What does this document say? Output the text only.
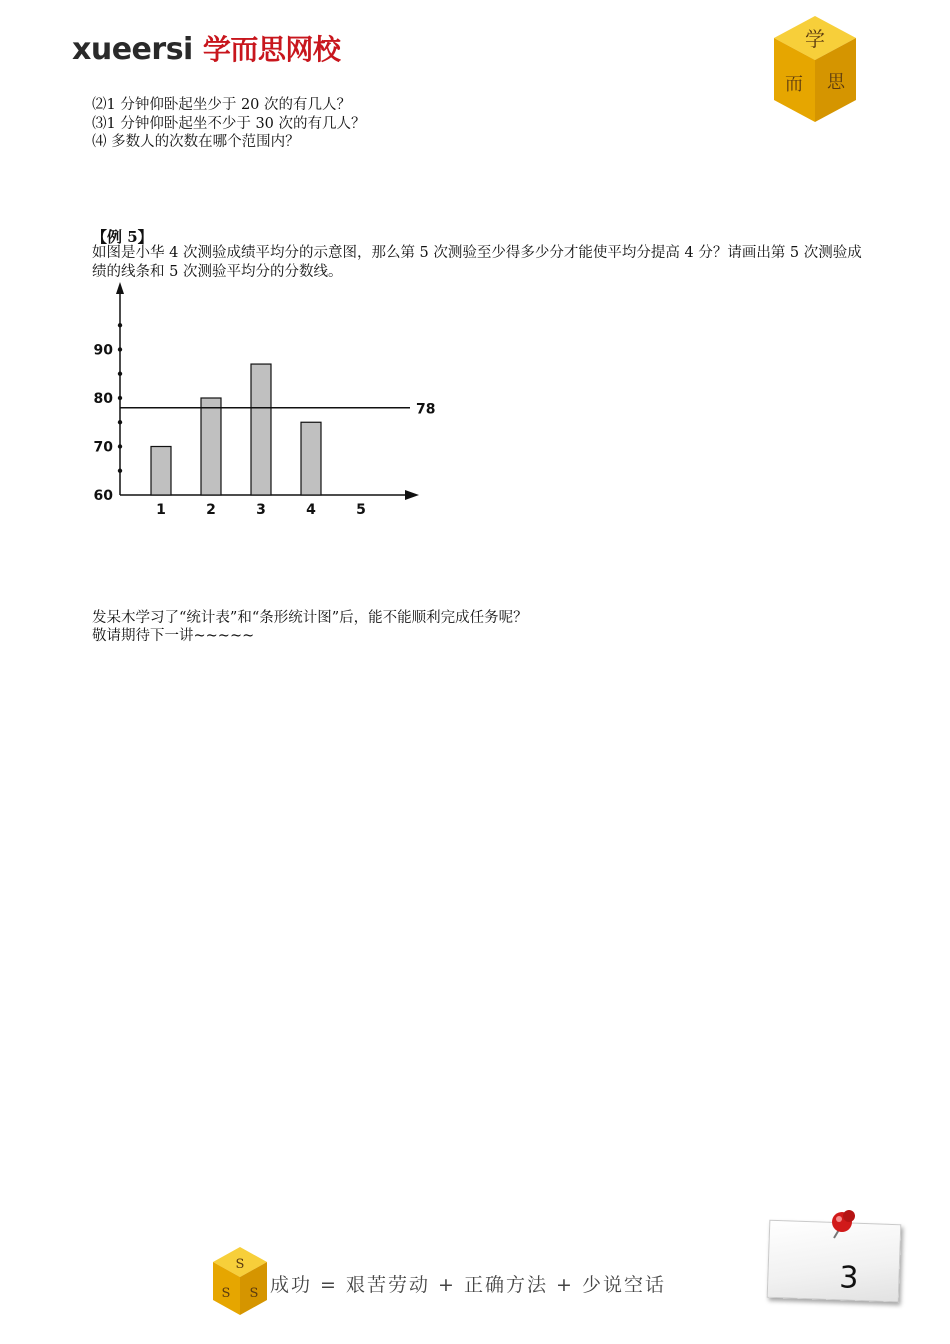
xueersi 学而思网校	学
而 思
⑵1 分钟仰卧起坐少于 20 次的有几人？
⑶1 分钟仰卧起坐不少于 30 次的有几人？
⑷ 多数人的次数在哪个范围内？
【例 5】
如图是小华 4 次测验成绩平均分的示意图，那么第 5 次测验至少得多少分才能使平均分提高 4 分？请画出第 5 次测验成绩的线条和 5 次测验平均分的分数线。
60
70
80
90
1	2	3	4	5
78
发呆木学习了“统计表”和“条形统计图”后，能不能顺利完成任务呢？
敬请期待下一讲~~~~~
S
S S 成功 = 艰苦劳动 + 正确方法 + 少说空话	3
